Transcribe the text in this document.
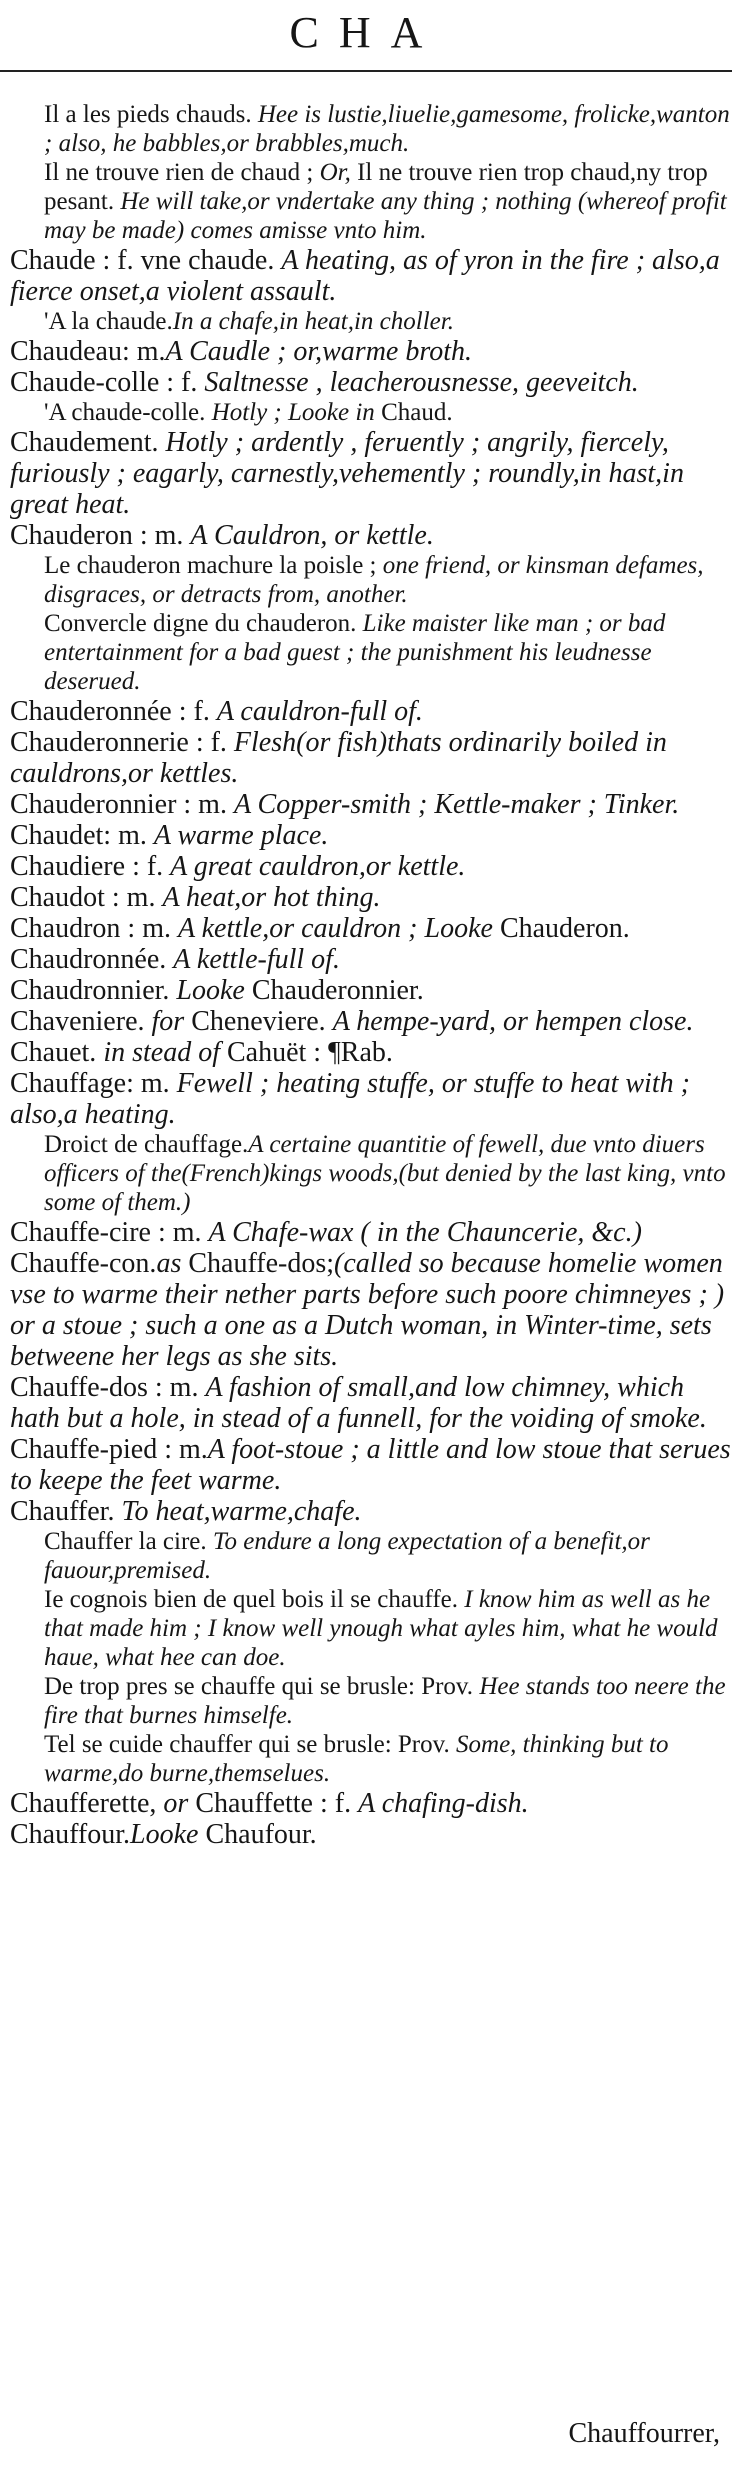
CHA

Il a les pieds chauds. Hee is lustie,liuelie,gamesome, frolicke,wanton ; also, he babbles,or brabbles,much.

Il ne trouve rien de chaud ; Or, Il ne trouve rien trop chaud,ny trop pesant. He will take,or vndertake any thing ; nothing (whereof profit may be made) comes amisse vnto him.

Chaude : f. vne chaude. A heating, as of yron in the fire ; also,a fierce onset,a violent assault.

'A la chaude.In a chafe,in heat,in choller.

Chaudeau: m.A Caudle ; or,warme broth.

Chaude-colle : f. Saltnesse , leacherousnesse, geeveitch.

'A chaude-colle. Hotly ; Looke in Chaud.

Chaudement. Hotly ; ardently , feruently ; angrily, fiercely, furiously ; eagarly, carnestly,vehemently ; roundly,in hast,in great heat.

Chauderon : m. A Cauldron, or kettle.

Le chauderon machure la poisle ; one friend, or kinsman defames, disgraces, or detracts from, another.

Convercle digne du chauderon. Like maister like man ; or bad entertainment for a bad guest ; the punishment his leudnesse deserued.

Chauderonnée : f. A cauldron-full of.

Chauderonnerie : f. Flesh(or fish)thats ordinarily boiled in cauldrons,or kettles.

Chauderonnier : m. A Copper-smith ; Kettle-maker ; Tinker.

Chaudet: m. A warme place.

Chaudiere : f. A great cauldron,or kettle.

Chaudot : m. A heat,or hot thing.

Chaudron : m. A kettle,or cauldron ; Looke Chauderon.

Chaudronnée. A kettle-full of.

Chaudronnier. Looke Chauderonnier.

Chaveniere. for Cheneviere. A hempe-yard, or hempen close.

Chauet. in stead of Cahuët : ¶Rab.

Chauffage: m. Fewell ; heating stuffe, or stuffe to heat with ; also,a heating.

Droict de chauffage.A certaine quantitie of fewell, due vnto diuers officers of the(French)kings woods,(but denied by the last king, vnto some of them.)

Chauffe-cire : m. A Chafe-wax ( in the Chauncerie, &c.)

Chauffe-con.as Chauffe-dos;(called so because homelie women vse to warme their nether parts before such poore chimneyes ; ) or a stoue ; such a one as a Dutch woman, in Winter-time, sets betweene her legs as she sits.

Chauffe-dos : m. A fashion of small,and low chimney, which hath but a hole, in stead of a funnell, for the voiding of smoke.

Chauffe-pied : m.A foot-stoue ; a little and low stoue that serues to keepe the feet warme.

Chauffer. To heat,warme,chafe.

Chauffer la cire. To endure a long expectation of a benefit,or fauour,premised.

Ie cognois bien de quel bois il se chauffe. I know him as well as he that made him ; I know well ynough what ayles him, what he would haue, what hee can doe.

De trop pres se chauffe qui se brusle: Prov. Hee stands too neere the fire that burnes himselfe.

Tel se cuide chauffer qui se brusle: Prov. Some, thinking but to warme,do burne,themselues.

Chaufferette, or Chauffette : f. A chafing-dish.

Chauffour.Looke Chaufour.

Chauffourrer,
